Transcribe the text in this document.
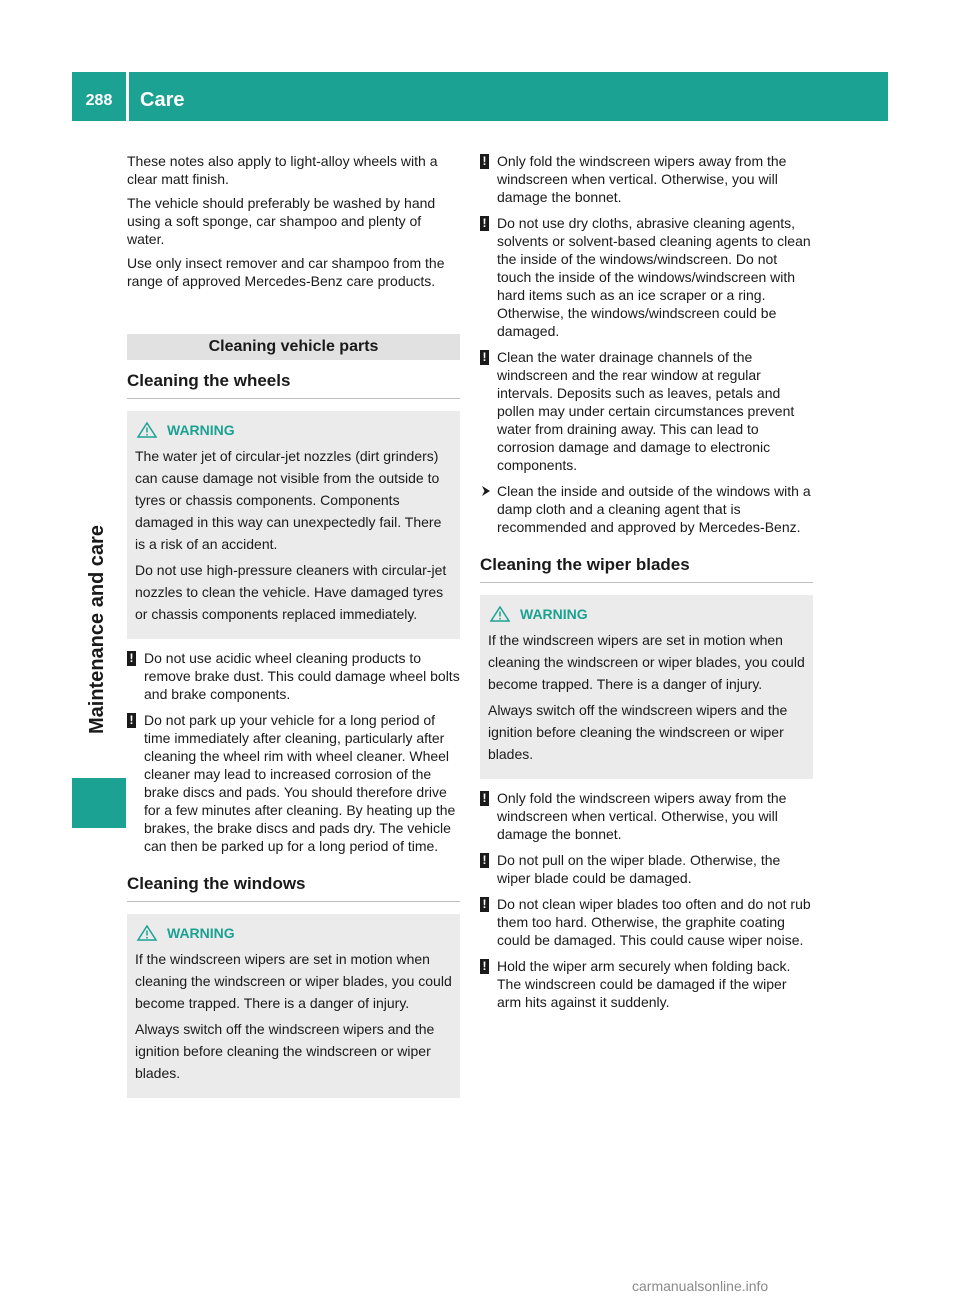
288	Care
Maintenance and care

These notes also apply to light-alloy wheels with a clear matt finish.

The vehicle should preferably be washed by hand using a soft sponge, car shampoo and plenty of water.

Use only insect remover and car shampoo from the range of approved Mercedes-Benz care products.

Cleaning vehicle parts
Cleaning the wheels
WARNING

The water jet of circular-jet nozzles (dirt grinders) can cause damage not visible from the outside to tyres or chassis components. Components damaged in this way can unexpectedly fail. There is a risk of an accident.

Do not use high-pressure cleaners with circular-jet nozzles to clean the vehicle. Have damaged tyres or chassis components replaced immediately.

! Do not use acidic wheel cleaning products to remove brake dust. This could damage wheel bolts and brake components.
! Do not park up your vehicle for a long period of time immediately after cleaning, particularly after cleaning the wheel rim with wheel cleaner. Wheel cleaner may lead to increased corrosion of the brake discs and pads. You should therefore drive for a few minutes after cleaning. By heating up the brakes, the brake discs and pads dry. The vehicle can then be parked up for a long period of time.
Cleaning the windows
WARNING

If the windscreen wipers are set in motion when cleaning the windscreen or wiper blades, you could become trapped. There is a danger of injury.

Always switch off the windscreen wipers and the ignition before cleaning the windscreen or wiper blades.

! Only fold the windscreen wipers away from the windscreen when vertical. Otherwise, you will damage the bonnet.
! Do not use dry cloths, abrasive cleaning agents, solvents or solvent-based cleaning agents to clean the inside of the windows/windscreen. Do not touch the inside of the windows/windscreen with hard items such as an ice scraper or a ring. Otherwise, the windows/windscreen could be damaged.
! Clean the water drainage channels of the windscreen and the rear window at regular intervals. Deposits such as leaves, petals and pollen may under certain circumstances prevent water from draining away. This can lead to corrosion damage and damage to electronic components.
Clean the inside and outside of the windows with a damp cloth and a cleaning agent that is recommended and approved by Mercedes-Benz.
Cleaning the wiper blades
WARNING

If the windscreen wipers are set in motion when cleaning the windscreen or wiper blades, you could become trapped. There is a danger of injury.

Always switch off the windscreen wipers and the ignition before cleaning the windscreen or wiper blades.

! Only fold the windscreen wipers away from the windscreen when vertical. Otherwise, you will damage the bonnet.
! Do not pull on the wiper blade. Otherwise, the wiper blade could be damaged.
! Do not clean wiper blades too often and do not rub them too hard. Otherwise, the graphite coating could be damaged. This could cause wiper noise.
! Hold the wiper arm securely when folding back. The windscreen could be damaged if the wiper arm hits against it suddenly.
carmanualsonline.info
